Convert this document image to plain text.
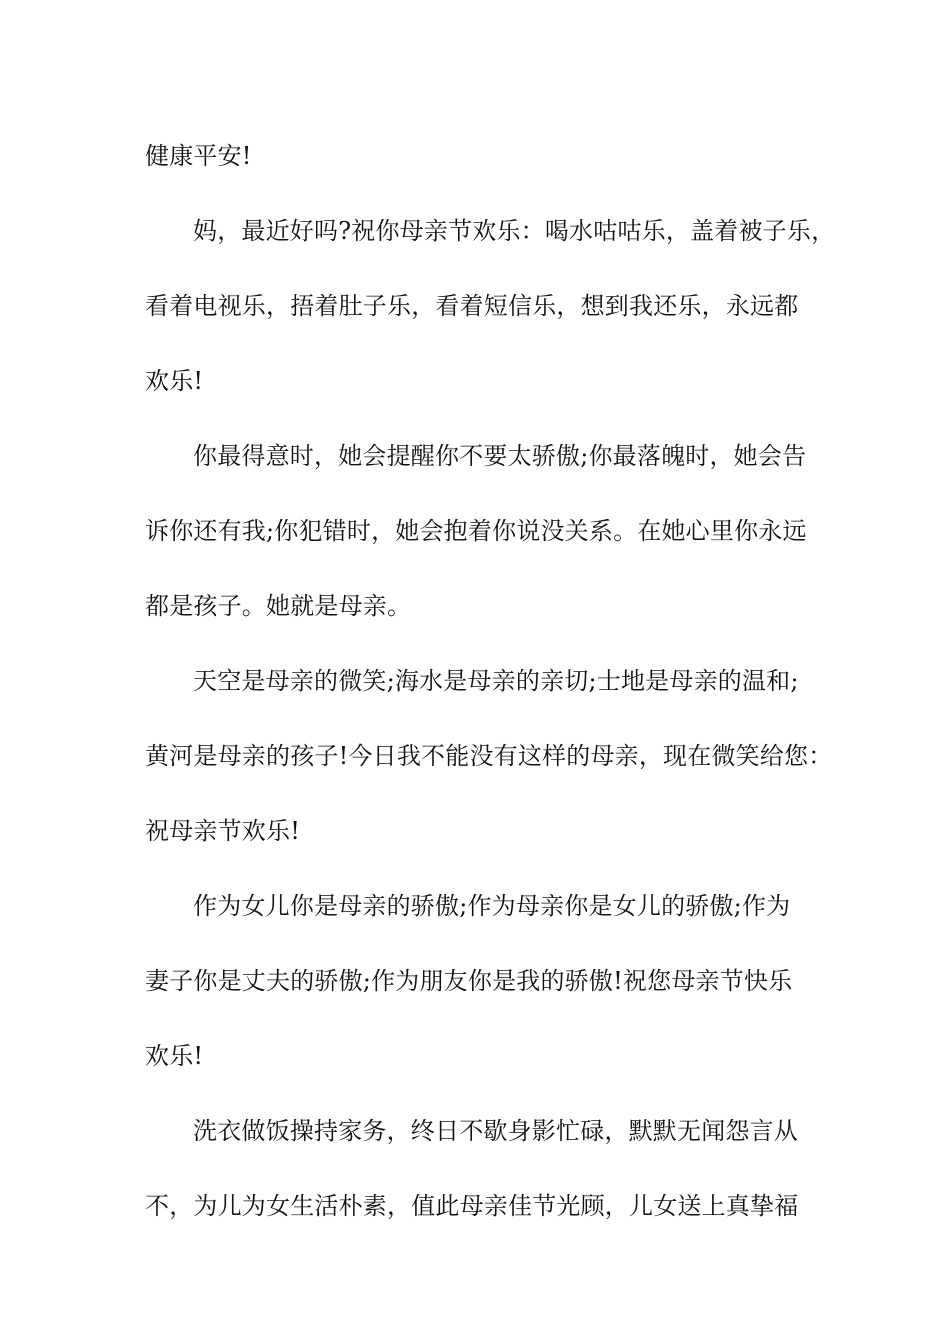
健康平安!
妈，最近好吗?祝你母亲节欢乐：喝水咕咕乐，盖着被子乐，
看着电视乐，捂着肚子乐，看着短信乐，想到我还乐，永远都
欢乐!
你最得意时，她会提醒你不要太骄傲;你最落魄时，她会告
诉你还有我;你犯错时，她会抱着你说没关系。在她心里你永远
都是孩子。她就是母亲。
天空是母亲的微笑;海水是母亲的亲切;士地是母亲的温和;
黄河是母亲的孩子!今日我不能没有这样的母亲，现在微笑给您：
祝母亲节欢乐!
作为女儿你是母亲的骄傲;作为母亲你是女儿的骄傲;作为
妻子你是丈夫的骄傲;作为朋友你是我的骄傲!祝您母亲节快乐
欢乐!
洗衣做饭操持家务，终日不歇身影忙碌，默默无闻怨言从
不，为儿为女生活朴素，值此母亲佳节光顾，儿女送上真挚福
